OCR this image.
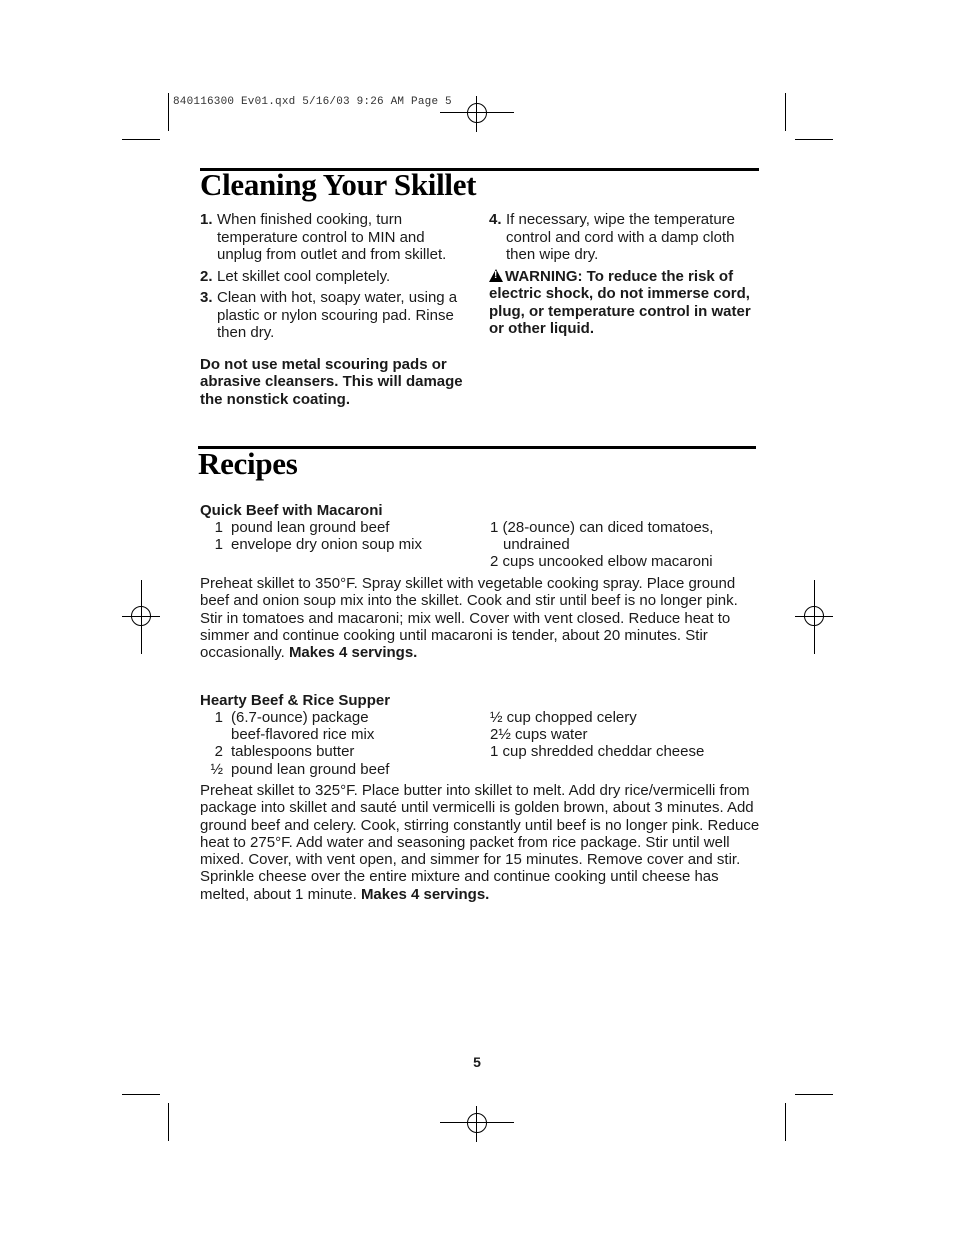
840116300 Ev01.qxd 5/16/03 9:26 AM Page 5
Cleaning Your Skillet
1. When finished cooking, turn temperature control to MIN and unplug from outlet and from skillet.
2. Let skillet cool completely.
3. Clean with hot, soapy water, using a plastic or nylon scouring pad. Rinse then dry.
Do not use metal scouring pads or abrasive cleansers. This will damage the nonstick coating.
4. If necessary, wipe the temperature control and cord with a damp cloth then wipe dry.
!WARNING: To reduce the risk of electric shock, do not immerse cord, plug, or temperature control in water or other liquid.
Recipes
Quick Beef with Macaroni
1 pound lean ground beef
1 envelope dry onion soup mix
1 (28-ounce) can diced tomatoes,
undrained
2 cups uncooked elbow macaroni
Preheat skillet to 350°F. Spray skillet with vegetable cooking spray. Place ground beef and onion soup mix into the skillet. Cook and stir until beef is no longer pink. Stir in tomatoes and macaroni; mix well. Cover with vent closed. Reduce heat to simmer and continue cooking until macaroni is tender, about 20 minutes. Stir occasionally. Makes 4 servings.
Hearty Beef & Rice Supper
1 (6.7-ounce) package
beef-flavored rice mix
2 tablespoons butter
½ pound lean ground beef
½ cup chopped celery
2½ cups water
1 cup shredded cheddar cheese
Preheat skillet to 325°F. Place butter into skillet to melt. Add dry rice/vermicelli from package into skillet and sauté until vermicelli is golden brown, about 3 minutes. Add ground beef and celery. Cook, stirring constantly until beef is no longer pink. Reduce heat to 275°F. Add water and seasoning packet from rice package. Stir until well mixed. Cover, with vent open, and simmer for 15 minutes. Remove cover and stir. Sprinkle cheese over the entire mixture and continue cooking until cheese has melted, about 1 minute. Makes 4 servings.
5
